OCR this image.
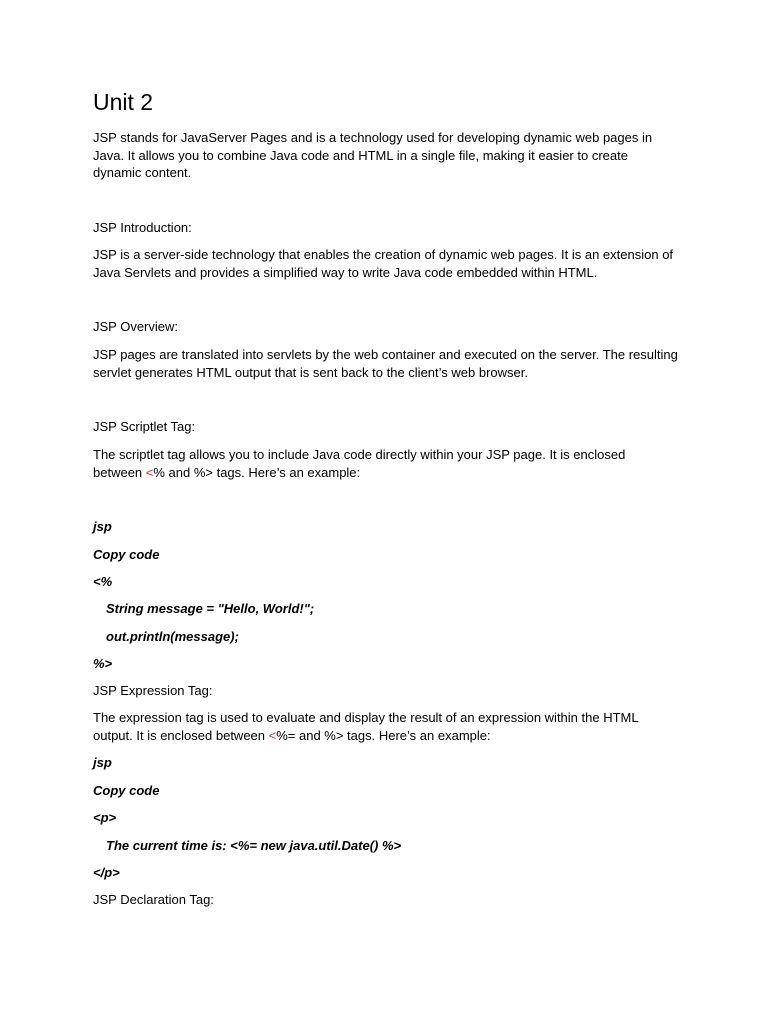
Unit 2

JSP stands for JavaServer Pages and is a technology used for developing dynamic web pages in Java. It allows you to combine Java code and HTML in a single file, making it easier to create dynamic content.

JSP Introduction:

JSP is a server-side technology that enables the creation of dynamic web pages. It is an extension of Java Servlets and provides a simplified way to write Java code embedded within HTML.

JSP Overview:

JSP pages are translated into servlets by the web container and executed on the server. The resulting servlet generates HTML output that is sent back to the client’s web browser.

JSP Scriptlet Tag:

The scriptlet tag allows you to include Java code directly within your JSP page. It is enclosed between <% and %> tags. Here’s an example:

jsp

Copy code

<%

String message = "Hello, World!";

out.println(message);

%>

JSP Expression Tag:

The expression tag is used to evaluate and display the result of an expression within the HTML output. It is enclosed between <%= and %> tags. Here’s an example:

jsp

Copy code

<p>

The current time is: <%= new java.util.Date() %>

</p>

JSP Declaration Tag:
